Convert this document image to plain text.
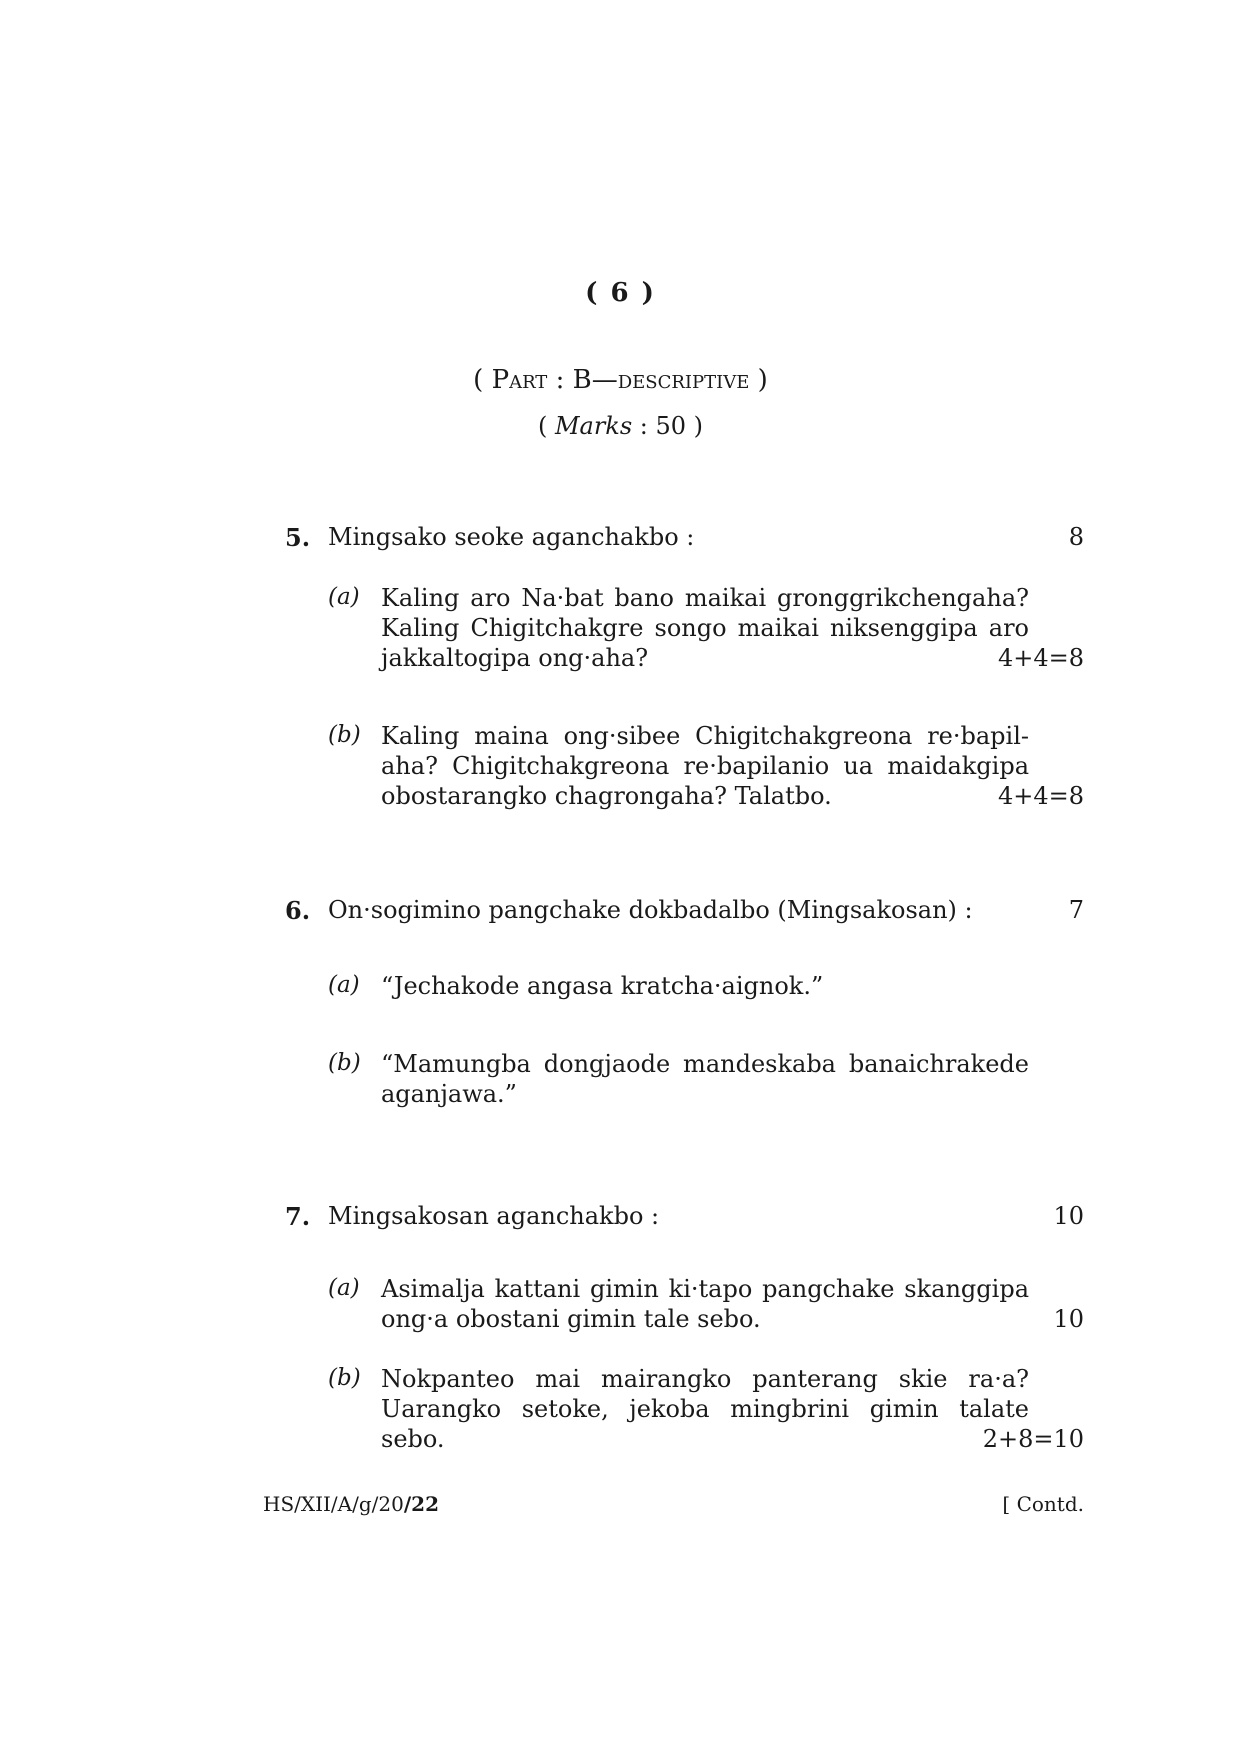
( 6 )
( Part : B—descriptive )
( Marks : 50 )
5. Mingsako seoke aganchakbo :	8
(a) Kaling aro Na·bat bano maikai gronggrikchengaha?
Kaling Chigitchakgre songo maikai niksenggipa aro
jakkaltogipa ong·aha?	4+4=8
(b) Kaling maina ong·sibee Chigitchakgreona re·bapil-
aha? Chigitchakgreona re·bapilanio ua maidakgipa
obostarangko chagrongaha? Talatbo.	4+4=8
6. On·sogimino pangchake dokbadalbo (Mingsakosan) :	7
(a) “Jechakode angasa kratcha·aignok.”
(b) “Mamungba dongjaode mandeskaba banaichrakede
aganjawa.”
7. Mingsakosan aganchakbo :	10
(a) Asimalja kattani gimin ki·tapo pangchake skanggipa
ong·a obostani gimin tale sebo.	10
(b) Nokpanteo mai mairangko panterang skie ra·a?
Uarangko setoke, jekoba mingbrini gimin talate
sebo.	2+8=10
HS/XII/A/g/20/22	[ Contd.
